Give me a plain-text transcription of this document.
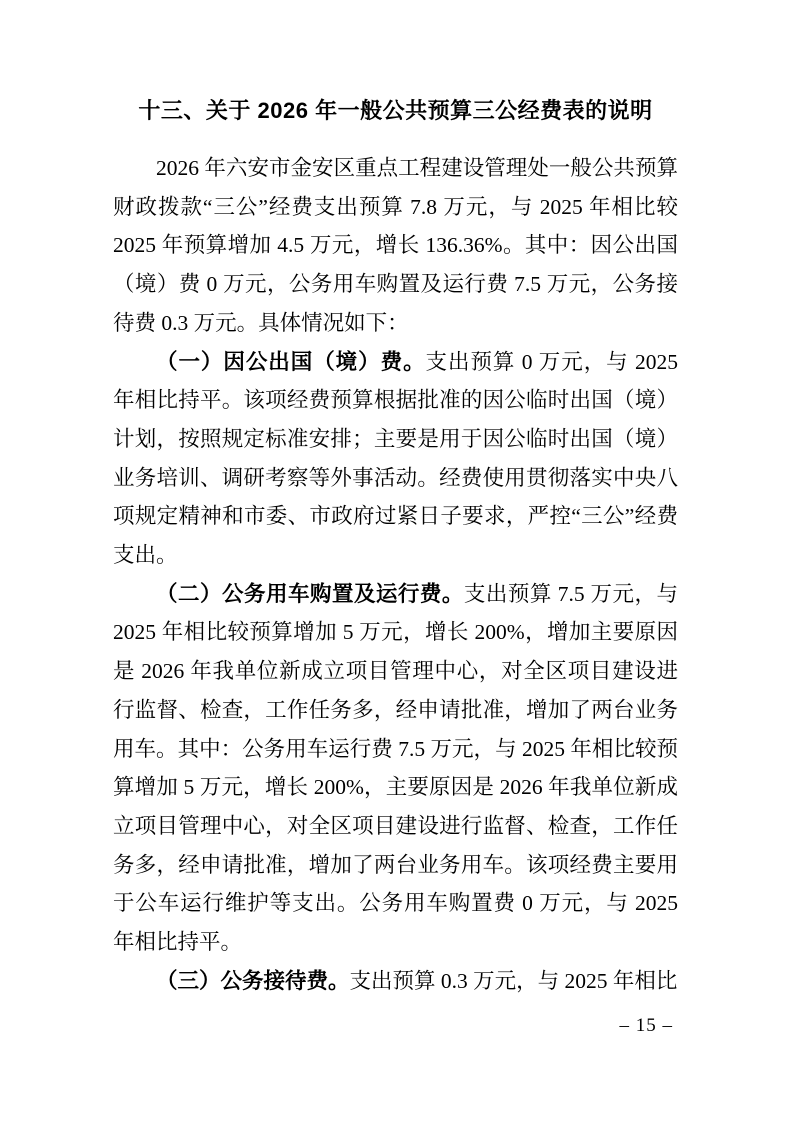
十三、关于 2026 年一般公共预算三公经费表的说明

2026 年六安市金安区重点工程建设管理处一般公共预算财政拨款“三公”经费支出预算 7.8 万元，与 2025 年相比较 2025 年预算增加 4.5 万元，增长 136.36%。其中：因公出国（境）费 0 万元，公务用车购置及运行费 7.5 万元，公务接待费 0.3 万元。具体情况如下：

（一）因公出国（境）费。支出预算 0 万元，与 2025 年相比持平。该项经费预算根据批准的因公临时出国（境）计划，按照规定标准安排；主要是用于因公临时出国（境）业务培训、调研考察等外事活动。经费使用贯彻落实中央八项规定精神和市委、市政府过紧日子要求，严控“三公”经费支出。

（二）公务用车购置及运行费。支出预算 7.5 万元，与 2025 年相比较预算增加 5 万元，增长 200%，增加主要原因是 2026 年我单位新成立项目管理中心，对全区项目建设进行监督、检查，工作任务多，经申请批准，增加了两台业务用车。其中：公务用车运行费 7.5 万元，与 2025 年相比较预算增加 5 万元，增长 200%，主要原因是 2026 年我单位新成立项目管理中心，对全区项目建设进行监督、检查，工作任务多，经申请批准，增加了两台业务用车。该项经费主要用于公车运行维护等支出。公务用车购置费 0 万元，与 2025 年相比持平。

（三）公务接待费。支出预算 0.3 万元，与 2025 年相比

– 15 –
